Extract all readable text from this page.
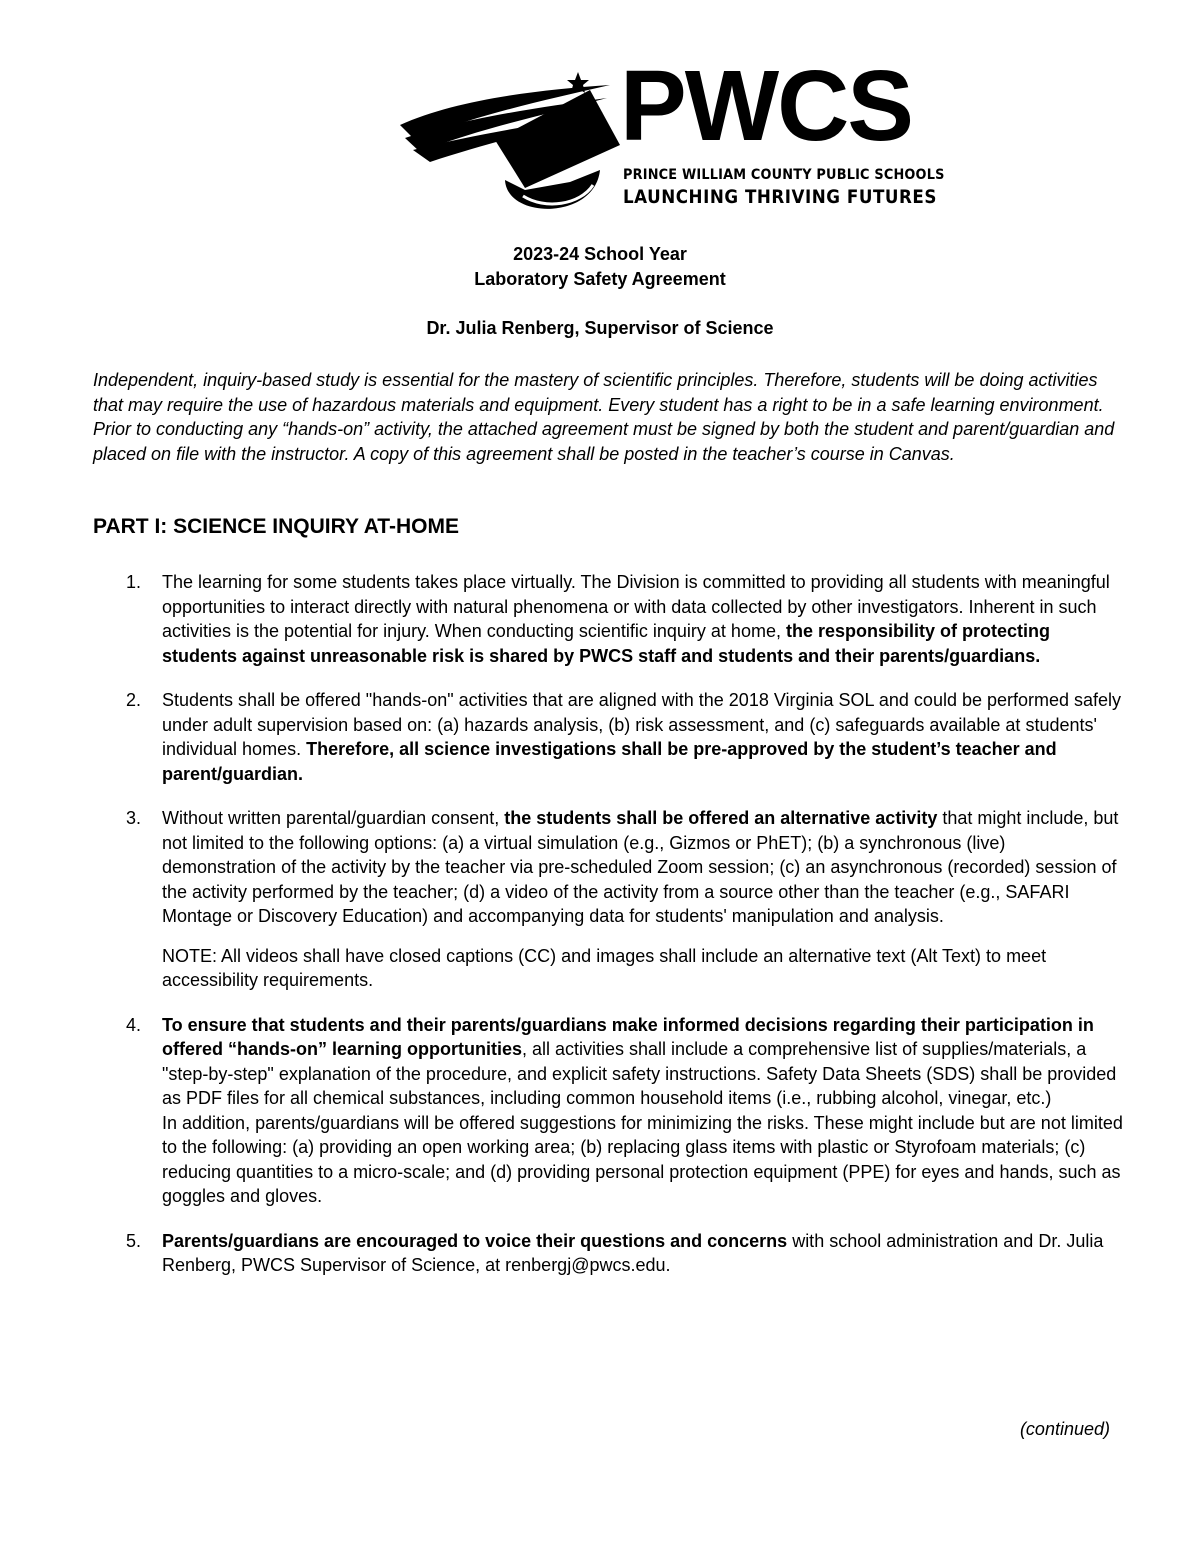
PWCS
PRINCE WILLIAM COUNTY PUBLIC SCHOOLS
LAUNCHING THRIVING FUTURES
2023-24 School Year
Laboratory Safety Agreement
Dr. Julia Renberg, Supervisor of Science

Independent, inquiry-based study is essential for the mastery of scientific principles. Therefore, students will be doing activities that may require the use of hazardous materials and equipment. Every student has a right to be in a safe learning environment. Prior to conducting any “hands-on” activity, the attached agreement must be signed by both the student and parent/guardian and placed on file with the instructor. A copy of this agreement shall be posted in the teacher’s course in Canvas.

PART I: SCIENCE INQUIRY AT-HOME
1. The learning for some students takes place virtually. The Division is committed to providing all students with meaningful opportunities to interact directly with natural phenomena or with data collected by other investigators. Inherent in such activities is the potential for injury. When conducting scientific inquiry at home, the responsibility of protecting students against unreasonable risk is shared by PWCS staff and students and their parents/guardians.

2. Students shall be offered "hands-on" activities that are aligned with the 2018 Virginia SOL and could be performed safely under adult supervision based on: (a) hazards analysis, (b) risk assessment, and (c) safeguards available at students' individual homes. Therefore, all science investigations shall be pre-approved by the student’s teacher and parent/guardian.

3. Without written parental/guardian consent, the students shall be offered an alternative activity that might include, but not limited to the following options: (a) a virtual simulation (e.g., Gizmos or PhET); (b) a synchronous (live) demonstration of the activity by the teacher via pre-scheduled Zoom session; (c) an asynchronous (recorded) session of the activity performed by the teacher; (d) a video of the activity from a source other than the teacher (e.g., SAFARI Montage or Discovery Education) and accompanying data for students' manipulation and analysis.

NOTE: All videos shall have closed captions (CC) and images shall include an alternative text (Alt Text) to meet accessibility requirements.

4. To ensure that students and their parents/guardians make informed decisions regarding their participation in offered “hands-on” learning opportunities, all activities shall include a comprehensive list of supplies/materials, a "step-by-step" explanation of the procedure, and explicit safety instructions. Safety Data Sheets (SDS) shall be provided as PDF files for all chemical substances, including common household items (i.e., rubbing alcohol, vinegar, etc.)

In addition, parents/guardians will be offered suggestions for minimizing the risks. These might include but are not limited to the following: (a) providing an open working area; (b) replacing glass items with plastic or Styrofoam materials; (c) reducing quantities to a micro-scale; and (d) providing personal protection equipment (PPE) for eyes and hands, such as goggles and gloves.

5. Parents/guardians are encouraged to voice their questions and concerns with school administration and Dr. Julia Renberg, PWCS Supervisor of Science, at renbergj@pwcs.edu.

(continued)
